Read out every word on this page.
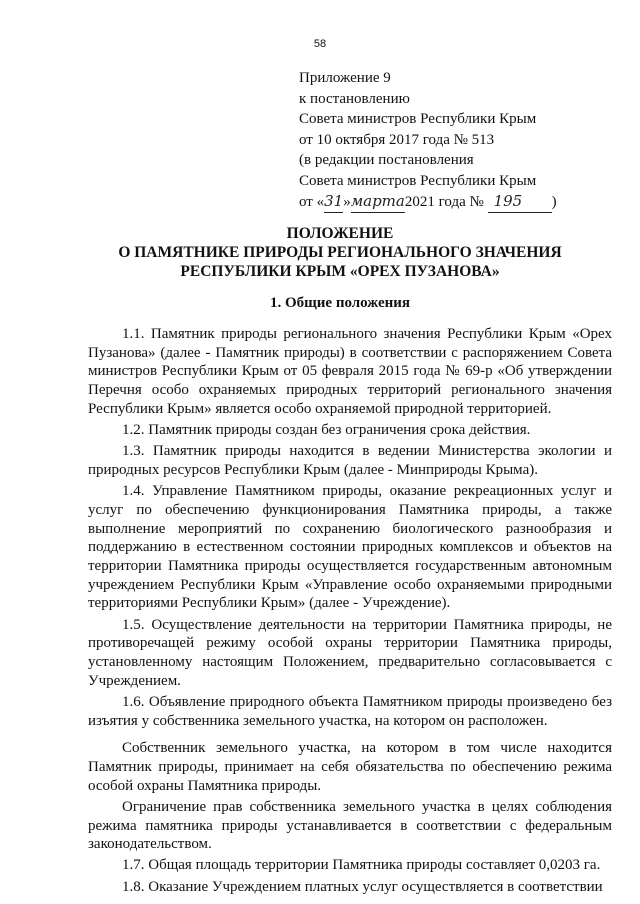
58
Приложение 9
к постановлению
Совета министров Республики Крым
от 10 октября 2017 года № 513
(в редакции постановления
Совета министров Республики Крым
от «31»марта2021 года № 195 )
ПОЛОЖЕНИЕ
О ПАМЯТНИКЕ ПРИРОДЫ РЕГИОНАЛЬНОГО ЗНАЧЕНИЯ
РЕСПУБЛИКИ КРЫМ «ОРЕХ ПУЗАНОВА»
1. Общие положения

1.1. Памятник природы регионального значения Республики Крым «Орех Пузанова» (далее - Памятник природы) в соответствии с распоряжением Совета министров Республики Крым от 05 февраля 2015 года № 69-р «Об утверждении Перечня особо охраняемых природных территорий регионального значения Республики Крым» является особо охраняемой природной территорией.

1.2. Памятник природы создан без ограничения срока действия.

1.3. Памятник природы находится в ведении Министерства экологии и природных ресурсов Республики Крым (далее - Минприроды Крыма).

1.4. Управление Памятником природы, оказание рекреационных услуг и услуг по обеспечению функционирования Памятника природы, а также выполнение мероприятий по сохранению биологического разнообразия и поддержанию в естественном состоянии природных комплексов и объектов на территории Памятника природы осуществляется государственным автономным учреждением Республики Крым «Управление особо охраняемыми природными территориями Республики Крым» (далее - Учреждение).

1.5. Осуществление деятельности на территории Памятника природы, не противоречащей режиму особой охраны территории Памятника природы, установленному настоящим Положением, предварительно согласовывается с Учреждением.

1.6. Объявление природного объекта Памятником природы произведено без изъятия у собственника земельного участка, на котором он расположен.

Собственник земельного участка, на котором в том числе находится Памятник природы, принимает на себя обязательства по обеспечению режима особой охраны Памятника природы.

Ограничение прав собственника земельного участка в целях соблюдения режима памятника природы устанавливается в соответствии с федеральным законодательством.

1.7. Общая площадь территории Памятника природы составляет 0,0203 га.

1.8. Оказание Учреждением платных услуг осуществляется в соответствии
